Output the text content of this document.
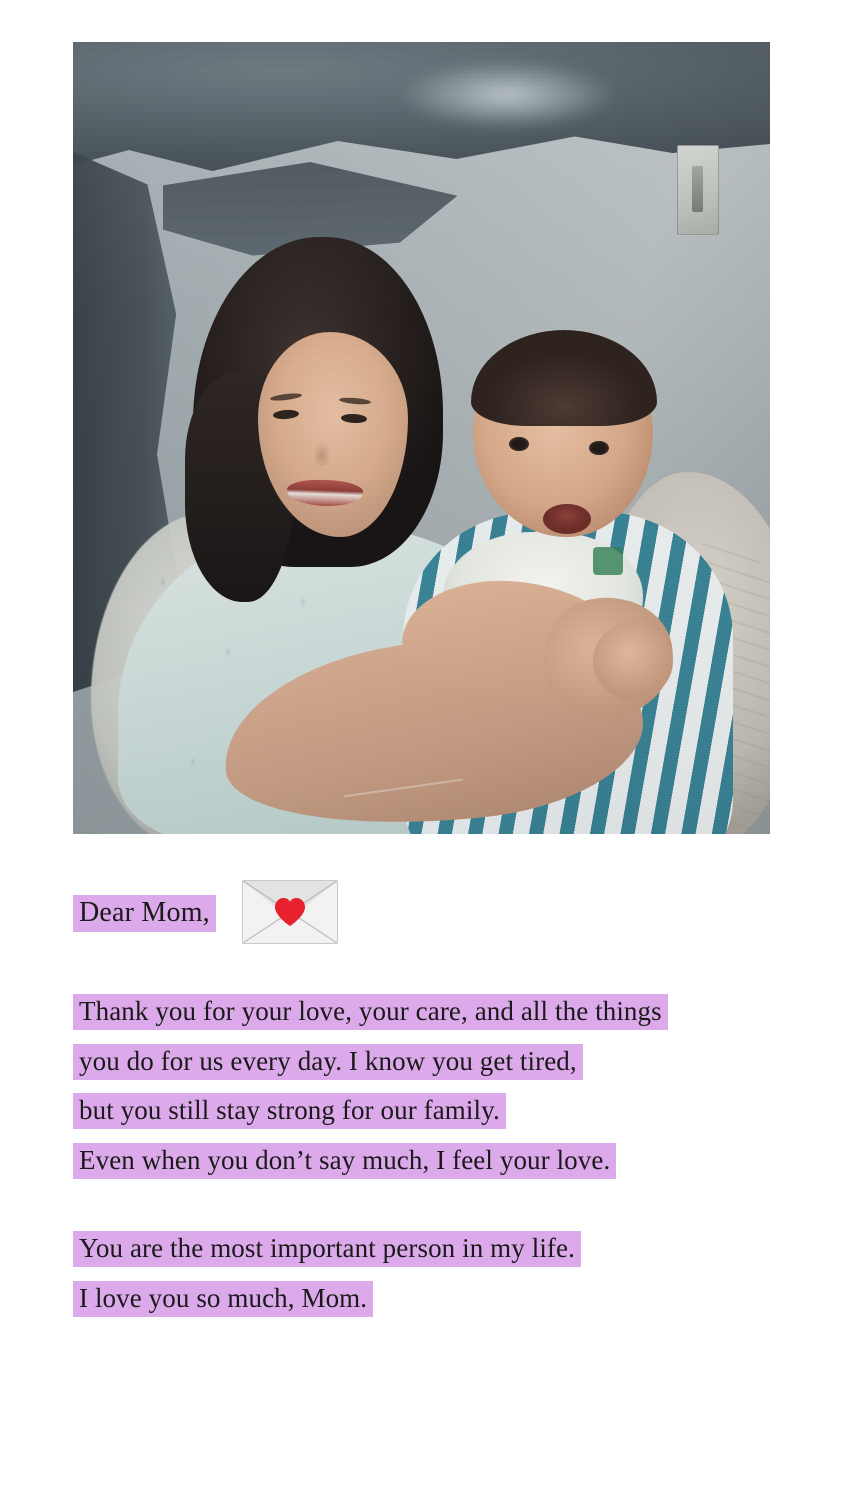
Dear Mom,
Thank you for your love, your care, and all the things
you do for us every day. I know you get tired,
but you still stay strong for our family.
Even when you don’t say much, I feel your love.
You are the most important person in my life.
I love you so much, Mom.
